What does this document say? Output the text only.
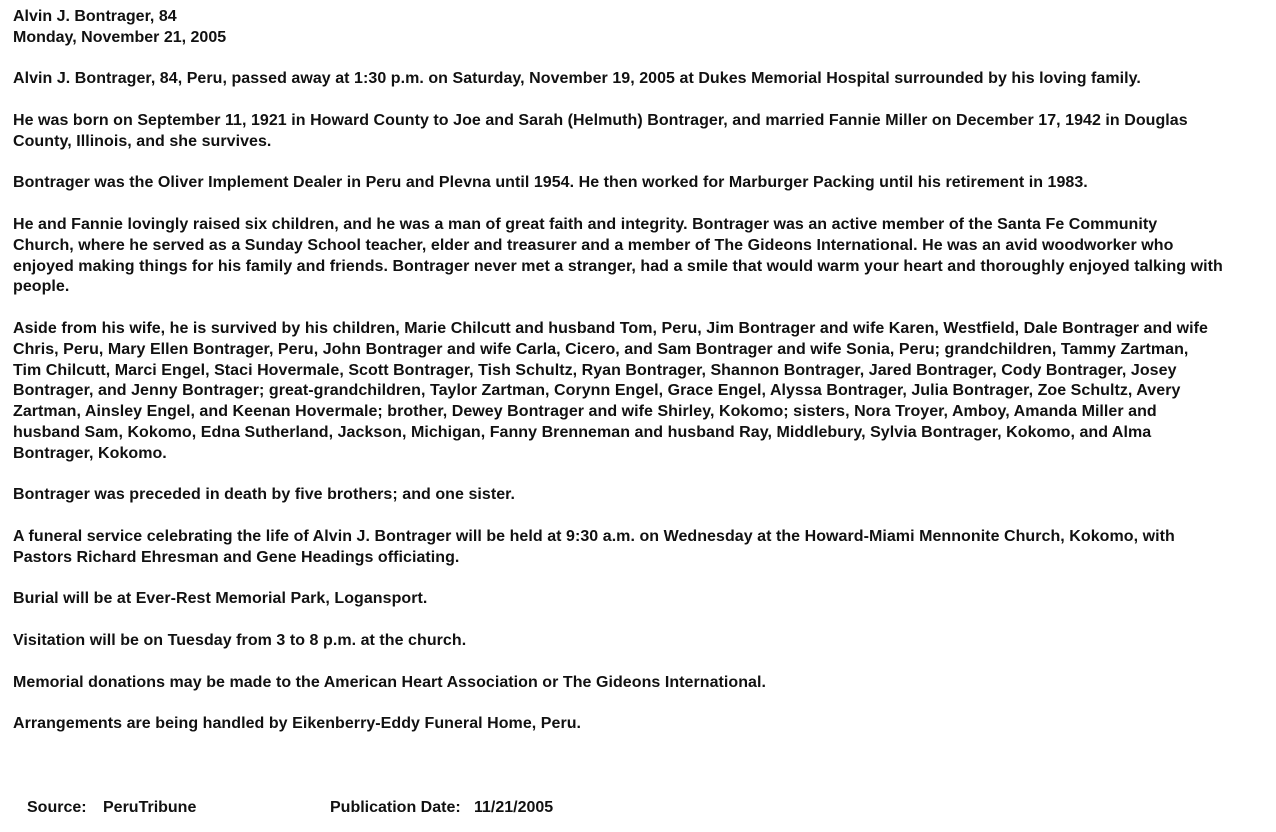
Alvin J. Bontrager, 84
Monday, November 21, 2005
Alvin J. Bontrager, 84, Peru, passed away at 1:30 p.m. on Saturday, November 19, 2005 at Dukes Memorial Hospital surrounded by his loving family.
He was born on September 11, 1921 in Howard County to Joe and Sarah (Helmuth) Bontrager, and married Fannie Miller on December 17, 1942 in Douglas
County, Illinois, and she survives.
Bontrager was the Oliver Implement Dealer in Peru and Plevna until 1954. He then worked for Marburger Packing until his retirement in 1983.
He and Fannie lovingly raised six children, and he was a man of great faith and integrity. Bontrager was an active member of the Santa Fe Community
Church, where he served as a Sunday School teacher, elder and treasurer and a member of The Gideons International. He was an avid woodworker who
enjoyed making things for his family and friends. Bontrager never met a stranger, had a smile that would warm your heart and thoroughly enjoyed talking with
people.
Aside from his wife, he is survived by his children, Marie Chilcutt and husband Tom, Peru, Jim Bontrager and wife Karen, Westfield, Dale Bontrager and wife
Chris, Peru, Mary Ellen Bontrager, Peru, John Bontrager and wife Carla, Cicero, and Sam Bontrager and wife Sonia, Peru; grandchildren, Tammy Zartman,
Tim Chilcutt, Marci Engel, Staci Hovermale, Scott Bontrager, Tish Schultz, Ryan Bontrager, Shannon Bontrager, Jared Bontrager, Cody Bontrager, Josey
Bontrager, and Jenny Bontrager; great-grandchildren, Taylor Zartman, Corynn Engel, Grace Engel, Alyssa Bontrager, Julia Bontrager, Zoe Schultz, Avery
Zartman, Ainsley Engel, and Keenan Hovermale; brother, Dewey Bontrager and wife Shirley, Kokomo; sisters, Nora Troyer, Amboy, Amanda Miller and
husband Sam, Kokomo, Edna Sutherland, Jackson, Michigan, Fanny Brenneman and husband Ray, Middlebury, Sylvia Bontrager, Kokomo, and Alma
Bontrager, Kokomo.
Bontrager was preceded in death by five brothers; and one sister.
A funeral service celebrating the life of Alvin J. Bontrager will be held at 9:30 a.m. on Wednesday at the Howard-Miami Mennonite Church, Kokomo, with
Pastors Richard Ehresman and Gene Headings officiating.
Burial will be at Ever-Rest Memorial Park, Logansport.
Visitation will be on Tuesday from 3 to 8 p.m. at the church.
Memorial donations may be made to the American Heart Association or The Gideons International.
Arrangements are being handled by Eikenberry-Eddy Funeral Home, Peru.
Source: PeruTribune	Publication Date: 11/21/2005
